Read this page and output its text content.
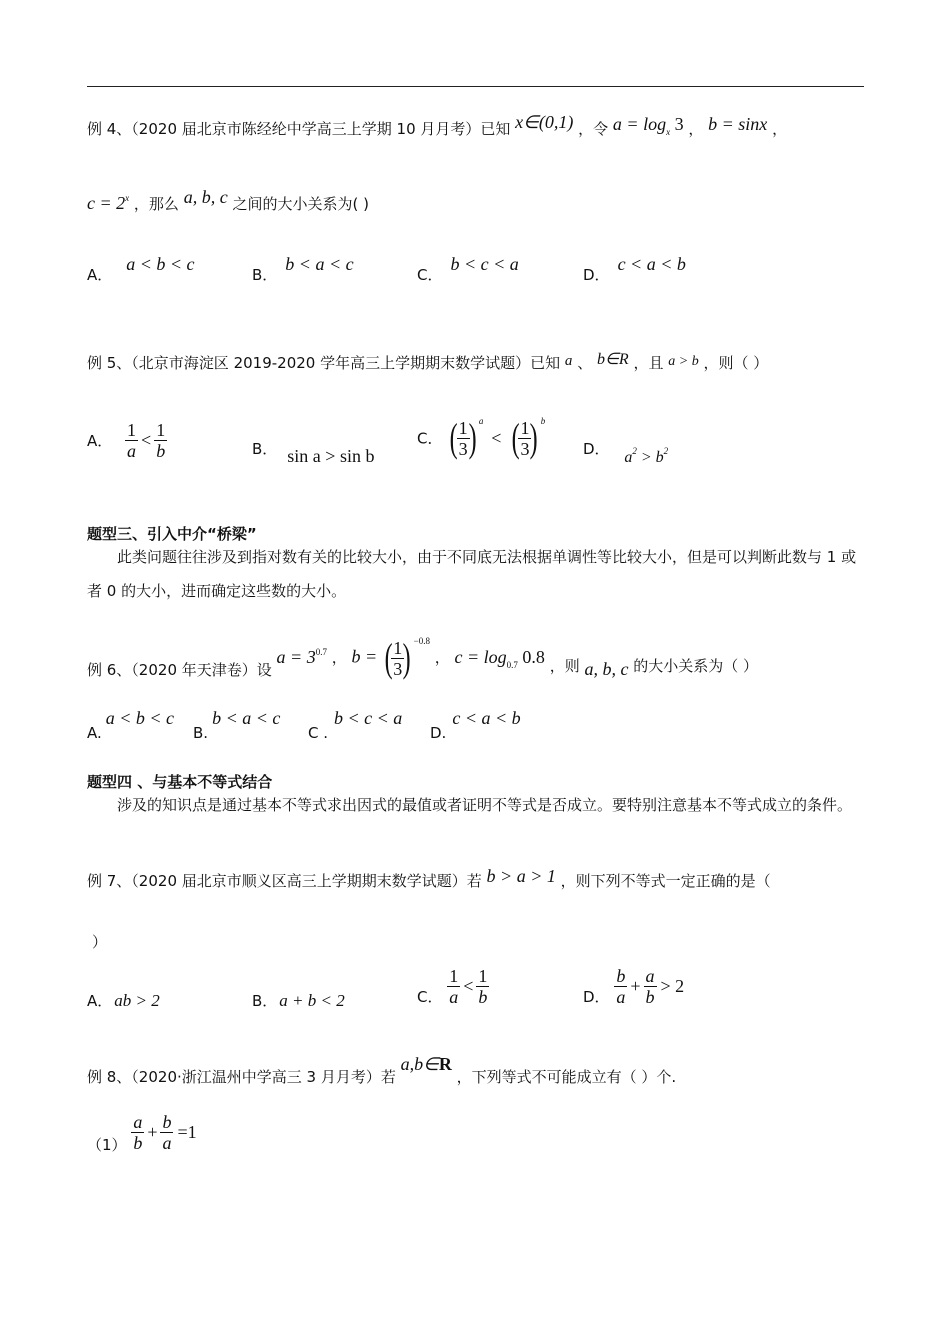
例 4、（2020 届北京市陈经纶中学高三上学期 10 月月考）已知 x∈(0,1) ，令 $a = \log_x 3$ ， b = sinx ，
$c = 2^x$ ，那么 a, b, c 之间的大小关系为( )
A．a < b < c
B．b < a < c
C．b < c < a
D．c < a < b
例 5、（北京市海淀区 2019-2020 学年高三上学期期末数学试题）已知 a 、 b∈R ，且 a > b ，则（ ）
A． $\frac{1}{a} < \frac{1}{b}$	B． sin a > sin b
C． (
$\frac{1}{3}$
) $^a$ < (
$\frac{1}{3}$
) $^b$
D． $a^2 > b^2$
题型三、引入中介“桥梁”
此类问题往往涉及到指对数有关的比较大小，由于不同底无法根据单调性等比较大小，但是可以判断此数与 1 或者 0 的大小，进而确定这些数的大小。
例 6、（2020 年天津卷）设 $a = 3^{0.7}$ ， b = (
$\frac{1}{3}$
) $^{-0.8}$ ， $c = \log_{0.7} 0.8$ ，则 a, b, c 的大小关系为（ ）
A.a < b < c
B.b < a < c
C .b < c < a
D.c < a < b
题型四 、与基本不等式结合
涉及的知识点是通过基本不等式求出因式的最值或者证明不等式是否成立。要特别注意基本不等式成立的条件。
例 7、（2020 届北京市顺义区高三上学期期末数学试题）若 b > a > 1 ，则下列不等式一定正确的是（
）
A． ab > 2	B． a + b < 2	C． $\frac{1}{a} < \frac{1}{b}$	D． $\frac{b}{a} + \frac{a}{b} > 2$
例 8、（2020·浙江温州中学高三 3 月月考）若 a,b∈R ，下列等式不可能成立有（ ）个.
$(1) \frac{a}{b} + \frac{b}{a} =1$
